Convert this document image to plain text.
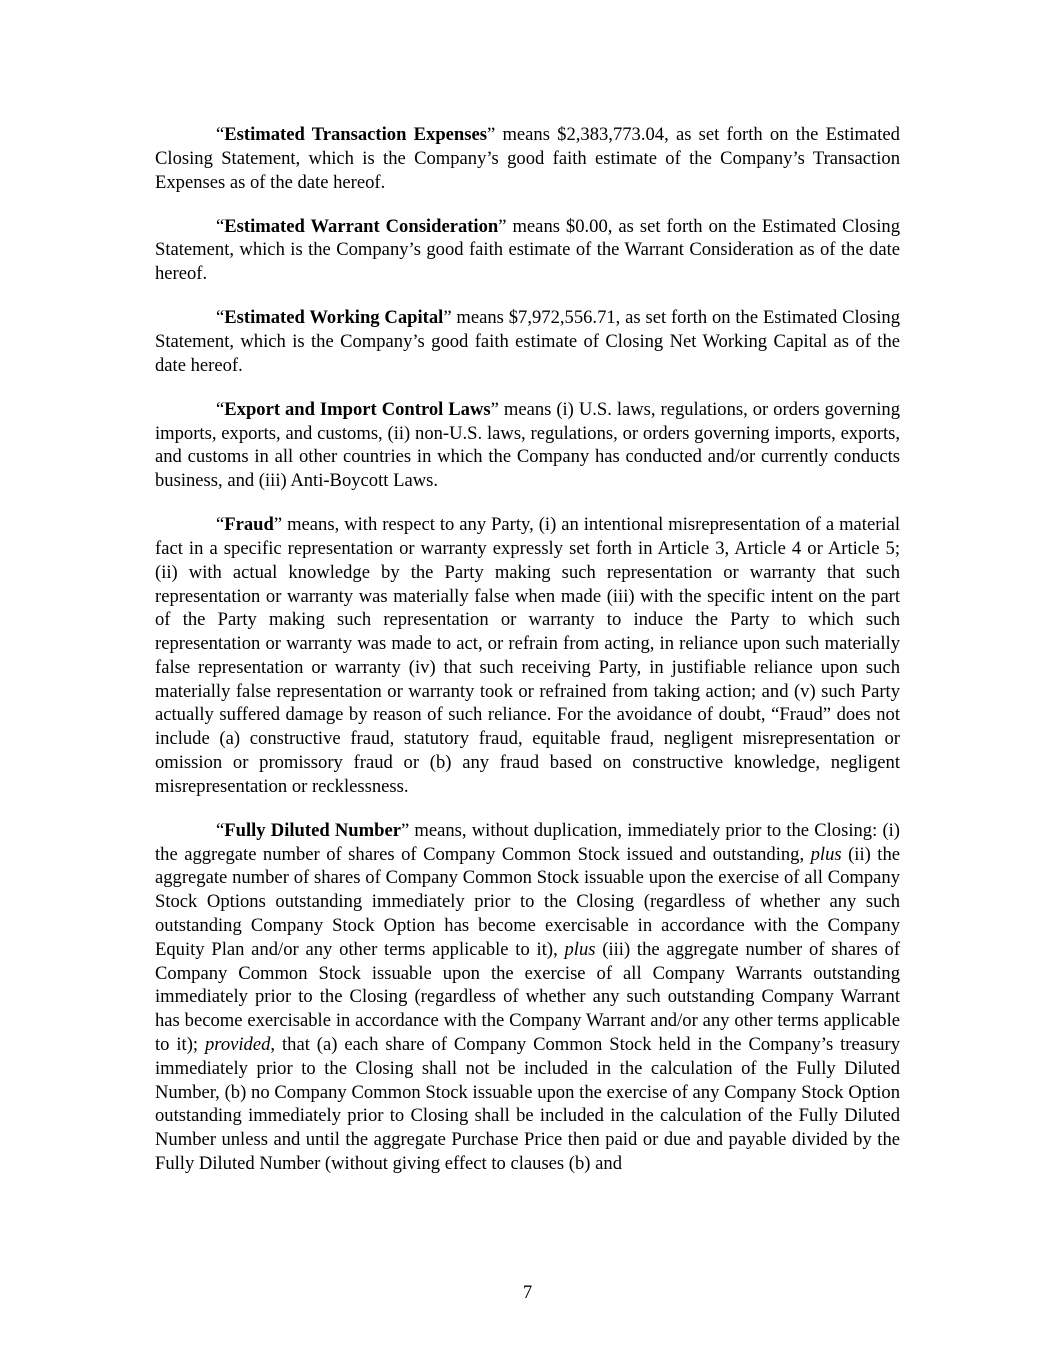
“Estimated Transaction Expenses” means $2,383,773.04, as set forth on the Estimated Closing Statement, which is the Company’s good faith estimate of the Company’s Transaction Expenses as of the date hereof.

“Estimated Warrant Consideration” means $0.00, as set forth on the Estimated Closing Statement, which is the Company’s good faith estimate of the Warrant Consideration as of the date hereof.

“Estimated Working Capital” means $7,972,556.71, as set forth on the Estimated Closing Statement, which is the Company’s good faith estimate of Closing Net Working Capital as of the date hereof.

“Export and Import Control Laws” means (i) U.S. laws, regulations, or orders governing imports, exports, and customs, (ii) non-U.S. laws, regulations, or orders governing imports, exports, and customs in all other countries in which the Company has conducted and/or currently conducts business, and (iii) Anti-Boycott Laws.

“Fraud” means, with respect to any Party, (i) an intentional misrepresentation of a material fact in a specific representation or warranty expressly set forth in Article 3, Article 4 or Article 5; (ii) with actual knowledge by the Party making such representation or warranty that such representation or warranty was materially false when made (iii) with the specific intent on the part of the Party making such representation or warranty to induce the Party to which such representation or warranty was made to act, or refrain from acting, in reliance upon such materially false representation or warranty (iv) that such receiving Party, in justifiable reliance upon such materially false representation or warranty took or refrained from taking action; and (v) such Party actually suffered damage by reason of such reliance. For the avoidance of doubt, “Fraud” does not include (a) constructive fraud, statutory fraud, equitable fraud, negligent misrepresentation or omission or promissory fraud or (b) any fraud based on constructive knowledge, negligent misrepresentation or recklessness.

“Fully Diluted Number” means, without duplication, immediately prior to the Closing: (i) the aggregate number of shares of Company Common Stock issued and outstanding, plus (ii) the aggregate number of shares of Company Common Stock issuable upon the exercise of all Company Stock Options outstanding immediately prior to the Closing (regardless of whether any such outstanding Company Stock Option has become exercisable in accordance with the Company Equity Plan and/or any other terms applicable to it), plus (iii) the aggregate number of shares of Company Common Stock issuable upon the exercise of all Company Warrants outstanding immediately prior to the Closing (regardless of whether any such outstanding Company Warrant has become exercisable in accordance with the Company Warrant and/or any other terms applicable to it); provided, that (a) each share of Company Common Stock held in the Company’s treasury immediately prior to the Closing shall not be included in the calculation of the Fully Diluted Number, (b) no Company Common Stock issuable upon the exercise of any Company Stock Option outstanding immediately prior to Closing shall be included in the calculation of the Fully Diluted Number unless and until the aggregate Purchase Price then paid or due and payable divided by the Fully Diluted Number (without giving effect to clauses (b) and

7
